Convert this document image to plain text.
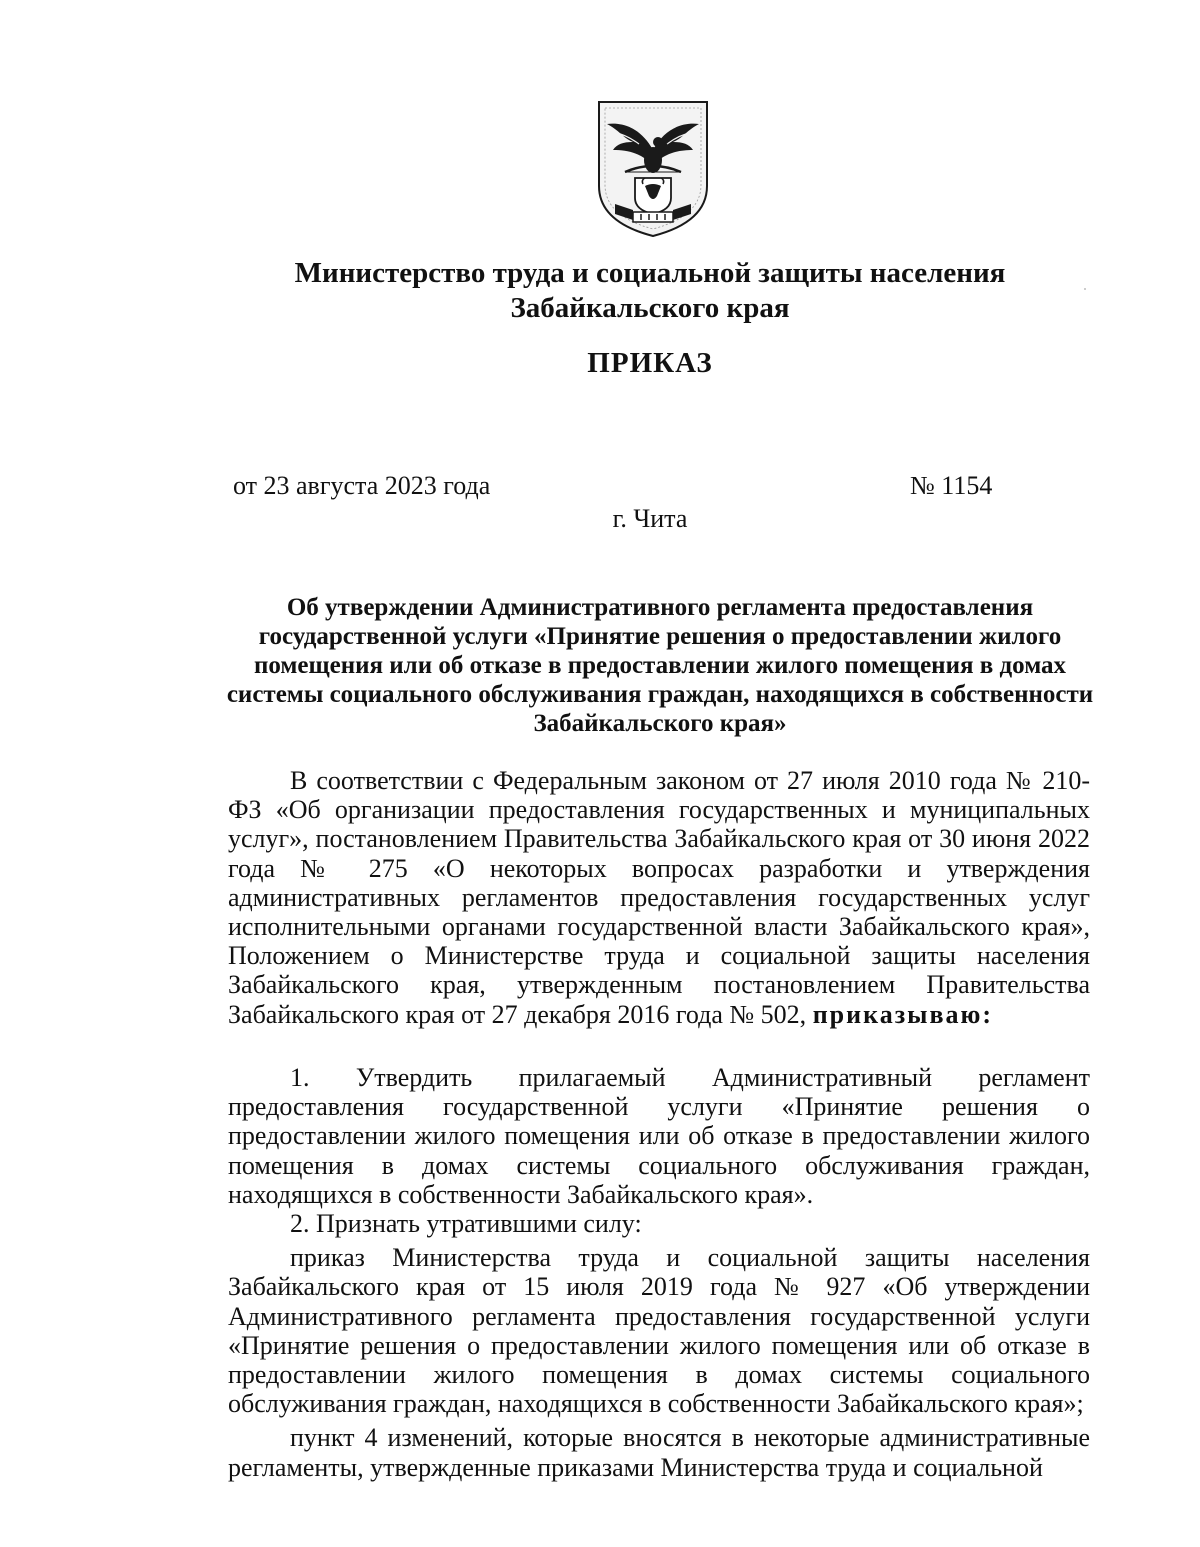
Министерство труда и социальной защиты населения
Забайкальского края
ПРИКАЗ
от 23 августа 2023 года	№ 1154
г. Чита
Об утверждении Административного регламента предоставления государственной услуги «Принятие решения о предоставлении жилого помещения или об отказе в предоставлении жилого помещения в домах системы социального обслуживания граждан, находящихся в собственности Забайкальского края»

В соответствии с Федеральным законом от 27 июля 2010 года № 210-ФЗ «Об организации предоставления государственных и муниципальных услуг», постановлением Правительства Забайкальского края от 30 июня 2022 года № 275 «О некоторых вопросах разработки и утверждения административных регламентов предоставления государственных услуг исполнительными органами государственной власти Забайкальского края», Положением о Министерстве труда и социальной защиты населения Забайкальского края, утвержденным постановлением Правительства Забайкальского края от 27 декабря 2016 года № 502, приказываю:

1. Утвердить прилагаемый Административный регламент предоставления государственной услуги «Принятие решения о предоставлении жилого помещения или об отказе в предоставлении жилого помещения в домах системы социального обслуживания граждан, находящихся в собственности Забайкальского края».

2. Признать утратившими силу:

приказ Министерства труда и социальной защиты населения Забайкальского края от 15 июля 2019 года № 927 «Об утверждении Административного регламента предоставления государственной услуги «Принятие решения о предоставлении жилого помещения или об отказе в предоставлении жилого помещения в домах системы социального обслуживания граждан, находящихся в собственности Забайкальского края»;

пункт 4 изменений, которые вносятся в некоторые административные регламенты, утвержденные приказами Министерства труда и социальной
